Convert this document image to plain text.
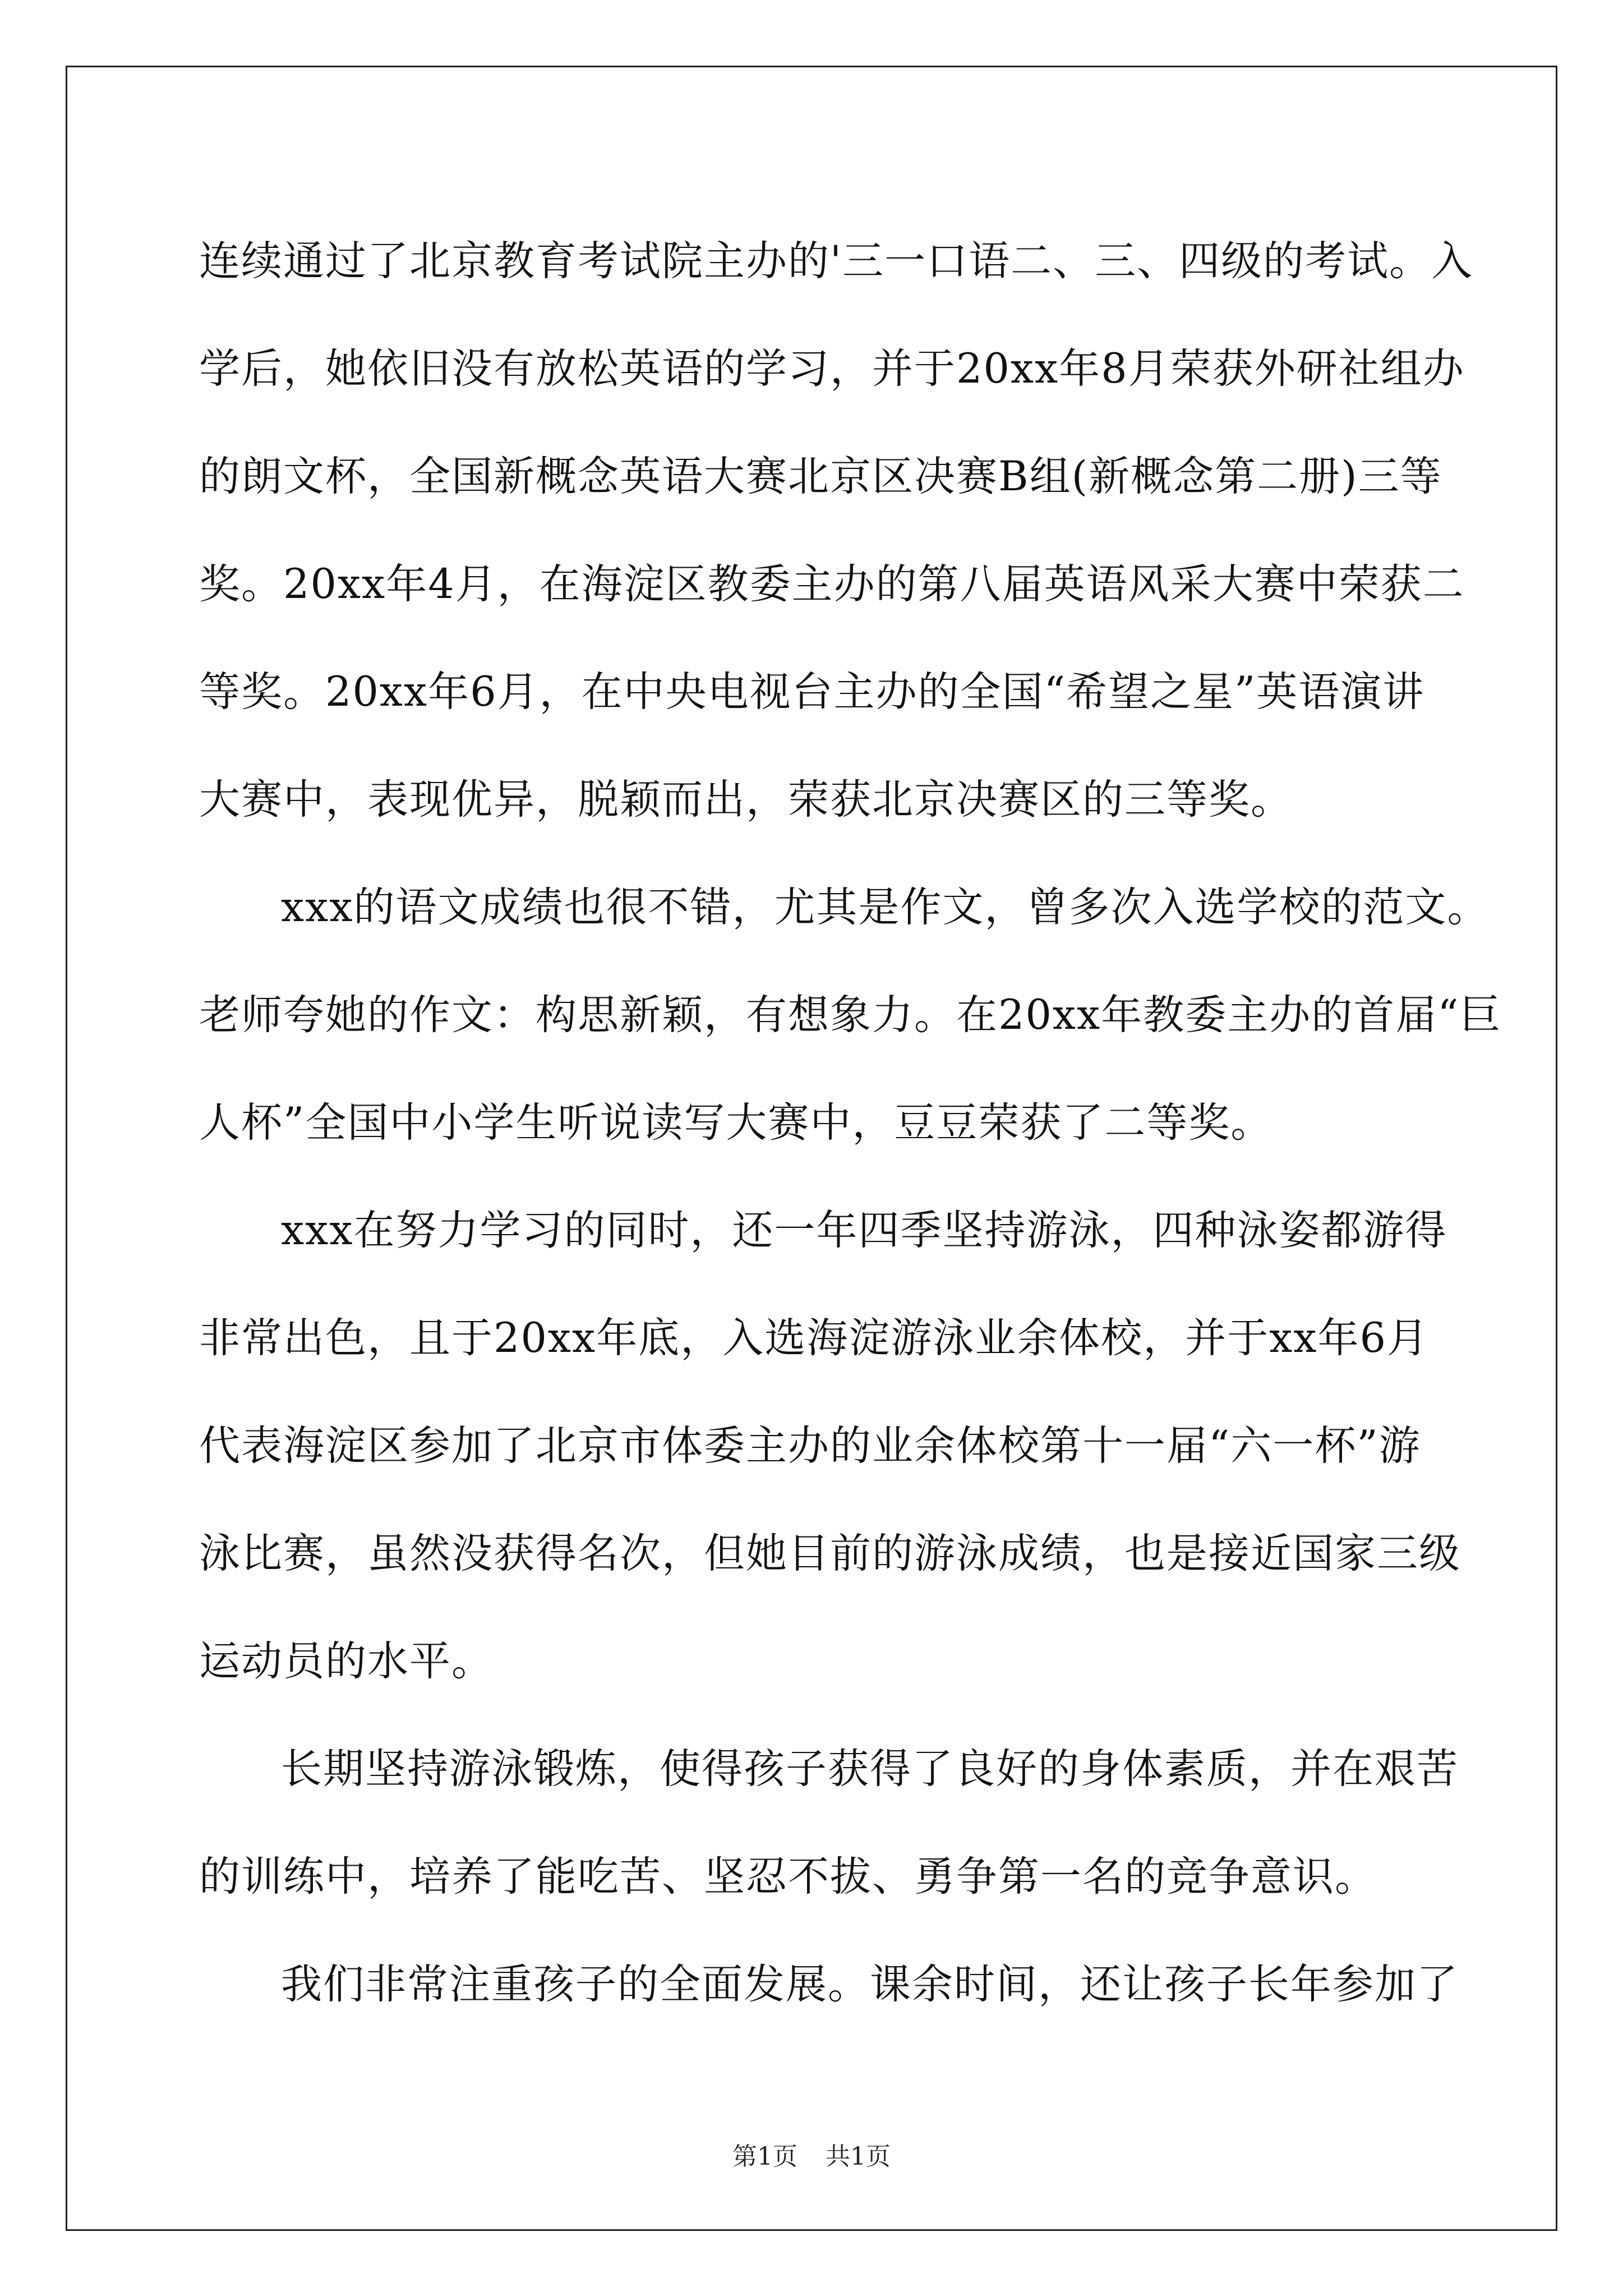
连续通过了北京教育考试院主办的'三一口语二、三、四级的考试。入

学后，她依旧没有放松英语的学习，并于20xx年8月荣获外研社组办

的朗文杯，全国新概念英语大赛北京区决赛B组(新概念第二册)三等

奖。20xx年4月，在海淀区教委主办的第八届英语风采大赛中荣获二

等奖。20xx年6月，在中央电视台主办的全国“希望之星”英语演讲

大赛中，表现优异，脱颖而出，荣获北京决赛区的三等奖。

xxx的语文成绩也很不错，尤其是作文，曾多次入选学校的范文。

老师夸她的作文：构思新颖，有想象力。在20xx年教委主办的首届“巨

人杯”全国中小学生听说读写大赛中，豆豆荣获了二等奖。

xxx在努力学习的同时，还一年四季坚持游泳，四种泳姿都游得

非常出色，且于20xx年底，入选海淀游泳业余体校，并于xx年6月

代表海淀区参加了北京市体委主办的业余体校第十一届“六一杯”游

泳比赛，虽然没获得名次，但她目前的游泳成绩，也是接近国家三级

运动员的水平。

长期坚持游泳锻炼，使得孩子获得了良好的身体素质，并在艰苦

的训练中，培养了能吃苦、坚忍不拔、勇争第一名的竞争意识。

我们非常注重孩子的全面发展。课余时间，还让孩子长年参加了

第1页 共1页
